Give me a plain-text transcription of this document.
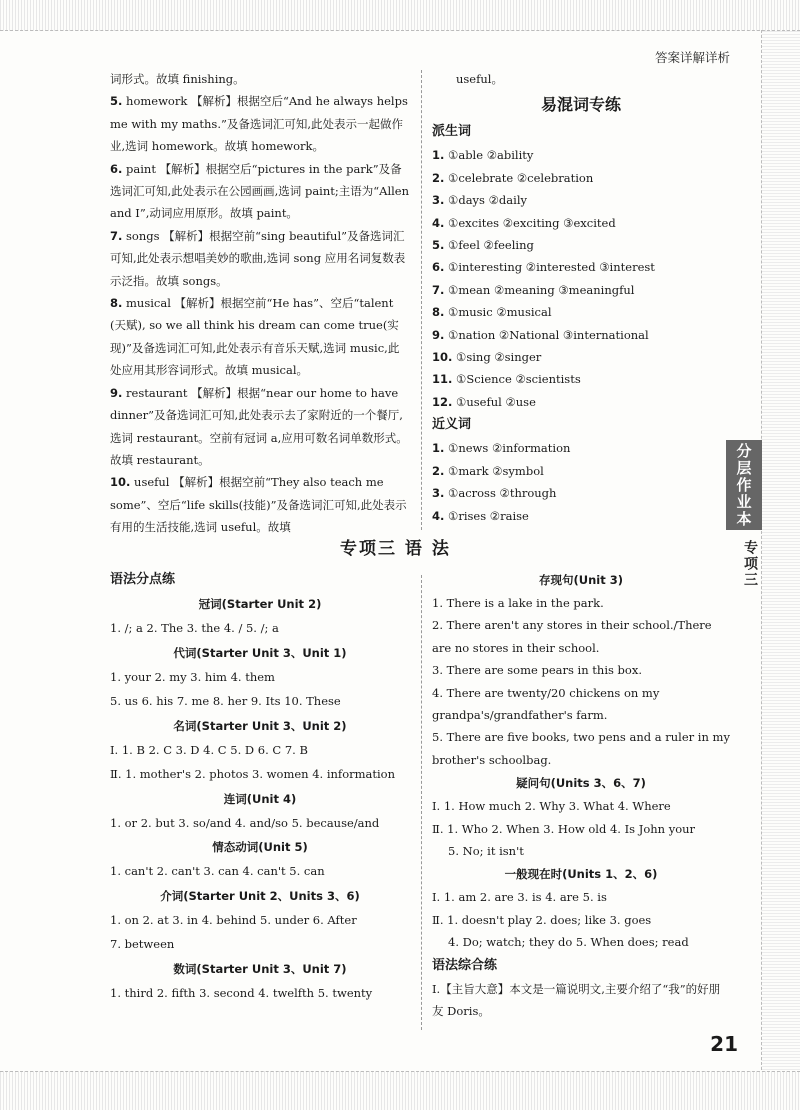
答案详解详析
分层作业本
专项三

词形式。故填 finishing。

5. homework 【解析】根据空后“And he always helps me with my maths.”及备选词汇可知,此处表示一起做作业,选词 homework。故填 homework。

6. paint 【解析】根据空后“pictures in the park”及备选词汇可知,此处表示在公园画画,选词 paint;主语为“Allen and I”,动词应用原形。故填 paint。

7. songs 【解析】根据空前“sing beautiful”及备选词汇可知,此处表示想唱美妙的歌曲,选词 song 应用名词复数表示泛指。故填 songs。

8. musical 【解析】根据空前“He has”、空后“talent (天赋), so we all think his dream can come true(实现)”及备选词汇可知,此处表示有音乐天赋,选词 music,此处应用其形容词形式。故填 musical。

9. restaurant 【解析】根据“near our home to have dinner”及备选词汇可知,此处表示去了家附近的一个餐厅,选词 restaurant。空前有冠词 a,应用可数名词单数形式。故填 restaurant。

10. useful 【解析】根据空前“They also teach me some”、空后“life skills(技能)”及备选词汇可知,此处表示有用的生活技能,选词 useful。故填

useful。

易混词专练

派生词

1. ①able ②ability

2. ①celebrate ②celebration

3. ①days ②daily

4. ①excites ②exciting ③excited

5. ①feel ②feeling

6. ①interesting ②interested ③interest

7. ①mean ②meaning ③meaningful

8. ①music ②musical

9. ①nation ②National ③international

10. ①sing ②singer

11. ①Science ②scientists

12. ①useful ②use

近义词

1. ①news ②information

2. ①mark ②symbol

3. ①across ②through

4. ①rises ②raise

专项三 语 法

语法分点练

冠词(Starter Unit 2)

1. /; a 2. The 3. the 4. / 5. /; a

代词(Starter Unit 3、Unit 1)

1. your 2. my 3. him 4. them

5. us 6. his 7. me 8. her 9. Its 10. These

名词(Starter Unit 3、Unit 2)

Ⅰ. 1. B 2. C 3. D 4. C 5. D 6. C 7. B

Ⅱ. 1. mother's 2. photos 3. women 4. information

连词(Unit 4)

1. or 2. but 3. so/and 4. and/so 5. because/and

情态动词(Unit 5)

1. can't 2. can't 3. can 4. can't 5. can

介词(Starter Unit 2、Units 3、6)

1. on 2. at 3. in 4. behind 5. under 6. After

7. between

数词(Starter Unit 3、Unit 7)

1. third 2. fifth 3. second 4. twelfth 5. twenty

存现句(Unit 3)

1. There is a lake in the park.

2. There aren't any stores in their school./There are no stores in their school.

3. There are some pears in this box.

4. There are twenty/20 chickens on my grandpa's/grandfather's farm.

5. There are five books, two pens and a ruler in my brother's schoolbag.

疑问句(Units 3、6、7)

Ⅰ. 1. How much 2. Why 3. What 4. Where

Ⅱ. 1. Who 2. When 3. How old 4. Is John your

5. No; it isn't

一般现在时(Units 1、2、6)

Ⅰ. 1. am 2. are 3. is 4. are 5. is

Ⅱ. 1. doesn't play 2. does; like 3. goes

4. Do; watch; they do 5. When does; read

语法综合练

Ⅰ.【主旨大意】本文是一篇说明文,主要介绍了“我”的好朋友 Doris。

21
